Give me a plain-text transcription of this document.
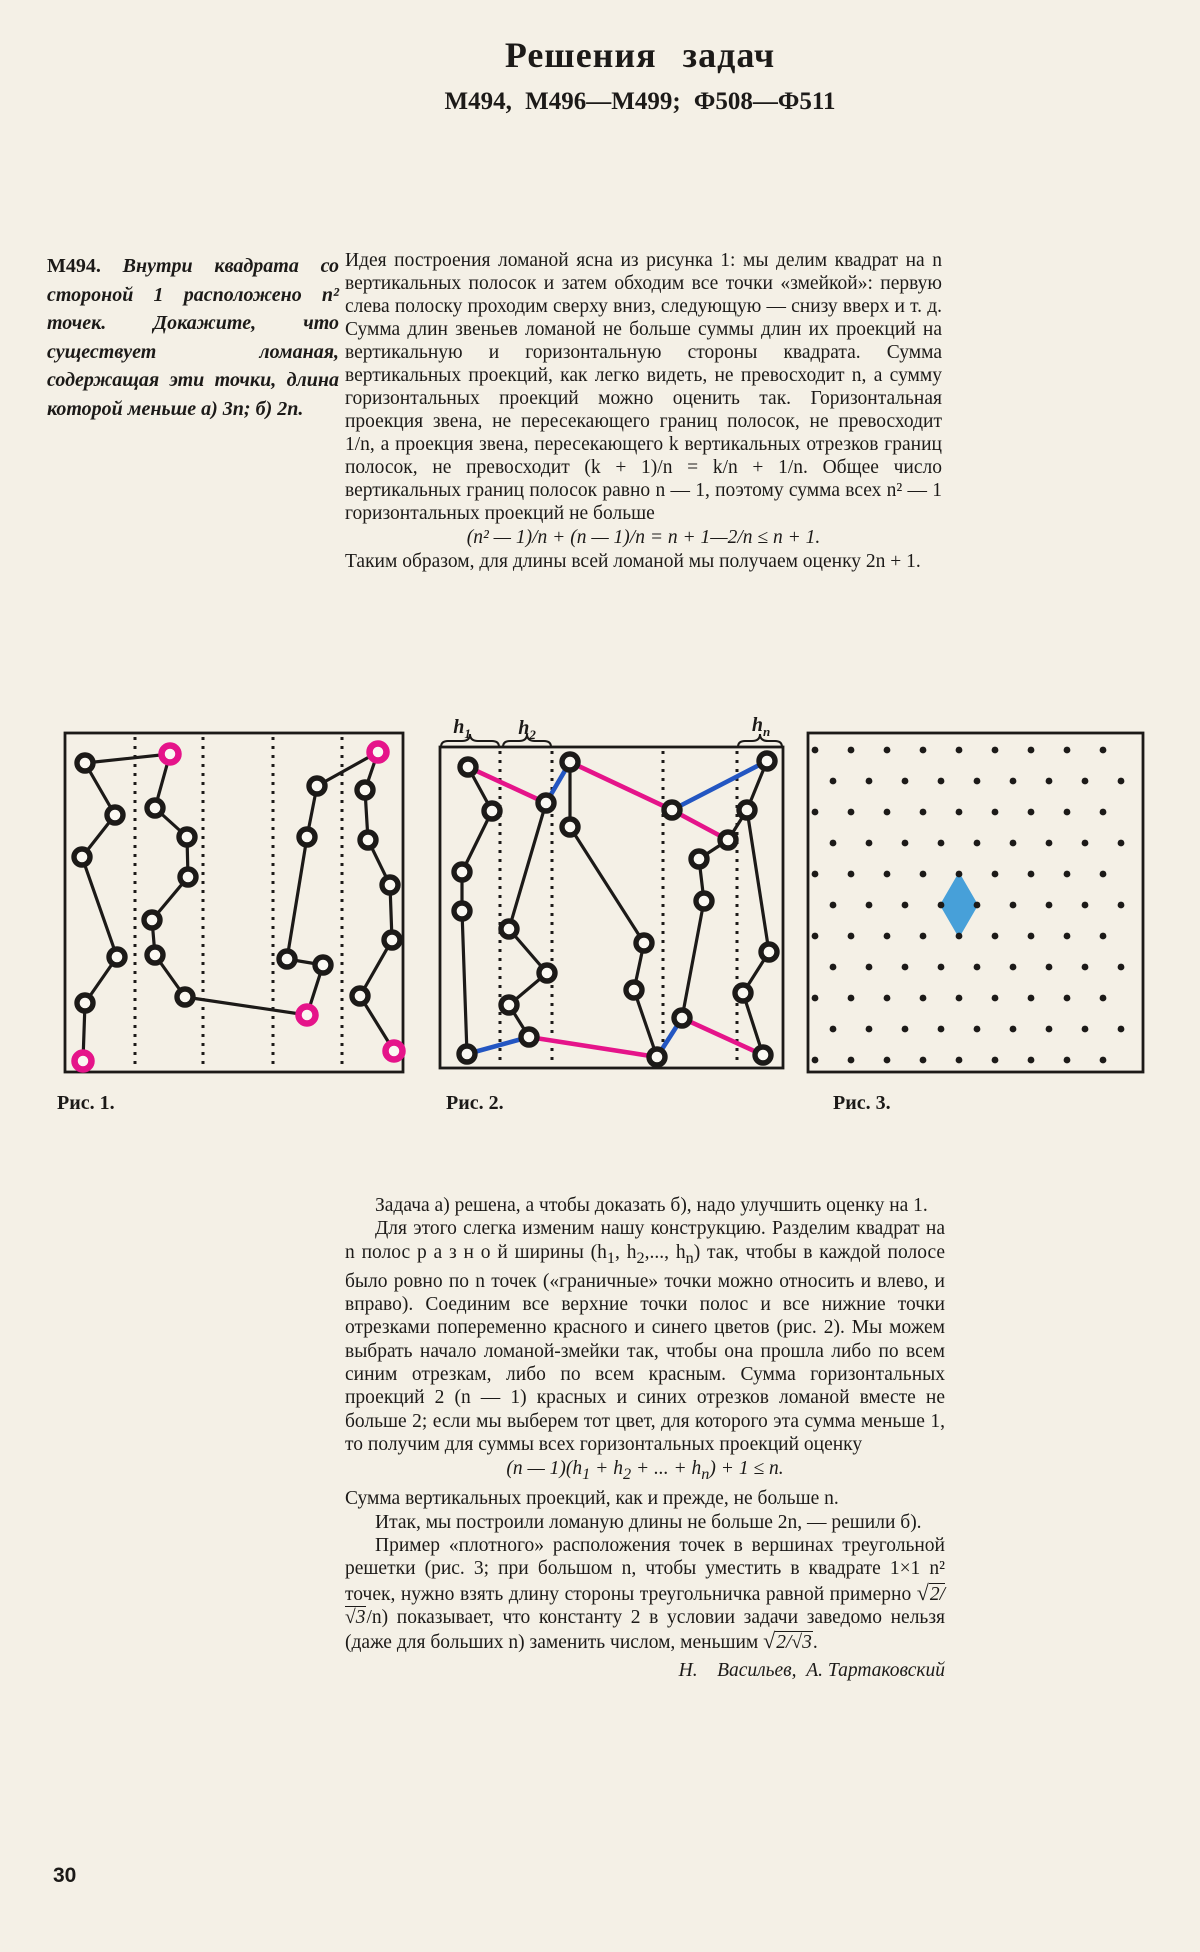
Решения задач
М494, М496—М499; Ф508—Ф511
М494. Внутри квадрата со стороной 1 расположено n² точек. Докажите, что существует ломаная, содержащая эти точки, длина которой меньше а) 3n; б) 2n.

Идея построения ломаной ясна из рисунка 1: мы делим квадрат на n вертикальных полосок и затем обходим все точки «змейкой»: первую слева полоску проходим сверху вниз, следующую — снизу вверх и т. д. Сумма длин звеньев ломаной не больше суммы длин их проекций на вертикальную и горизонтальную стороны квадрата. Сумма вертикальных проекций, как легко видеть, не превосходит n, а сумму горизонтальных проекций можно оценить так. Горизонтальная проекция звена, не пересекающего границ полосок, не превосходит 1/n, а проекция звена, пересекающего k вертикальных отрезков границ полосок, не превосходит (k + 1)/n = k/n + 1/n. Общее число вертикальных границ полосок равно n — 1, поэтому сумма всех n² — 1 горизонтальных проекций не больше

(n² — 1)/n + (n — 1)/n = n + 1—2/n ≤ n + 1.

Таким образом, для длины всей ломаной мы получаем оценку 2n + 1.

$h_1$ $h_2$	$h_n$
Рис. 1.	Рис. 2.	Рис. 3.

Задача а) решена, а чтобы доказать б), надо улучшить оценку на 1.

Для этого слегка изменим нашу конструкцию. Разделим квадрат на n полос р а з н о й ширины ($h_1$, $h_2$,..., $h_n$) так, чтобы в каждой полосе было ровно по n точек («граничные» точки можно относить и влево, и вправо). Соединим все верхние точки полос и все нижние точки отрезками попеременно красного и синего цветов (рис. 2). Мы можем выбрать начало ломаной-змейки так, чтобы она прошла либо по всем синим отрезкам, либо по всем красным. Сумма горизонтальных проекций 2 (n — 1) красных и синих отрезков ломаной вместе не больше 2; если мы выберем тот цвет, для которого эта сумма меньше 1, то получим для суммы всех горизонтальных проекций оценку

(n — $1)(h_1 + h_2$ + ... + $h_n) + 1 \le n$.

Сумма вертикальных проекций, как и прежде, не больше n.

Итак, мы построили ломаную длины не больше 2n, — решили б).

Пример «плотного» расположения точек в вершинах треугольной решетки (рис. 3; при большом n, чтобы уместить в квадрате 1×1 n² точек, нужно взять длину стороны треугольничка равной примерно √2/√3/n) показывает, что константу 2 в условии задачи заведомо нельзя (даже для больших n) заменить числом, меньшим √2/√3.

Н.    Васильев,  А. Тартаковский
30
